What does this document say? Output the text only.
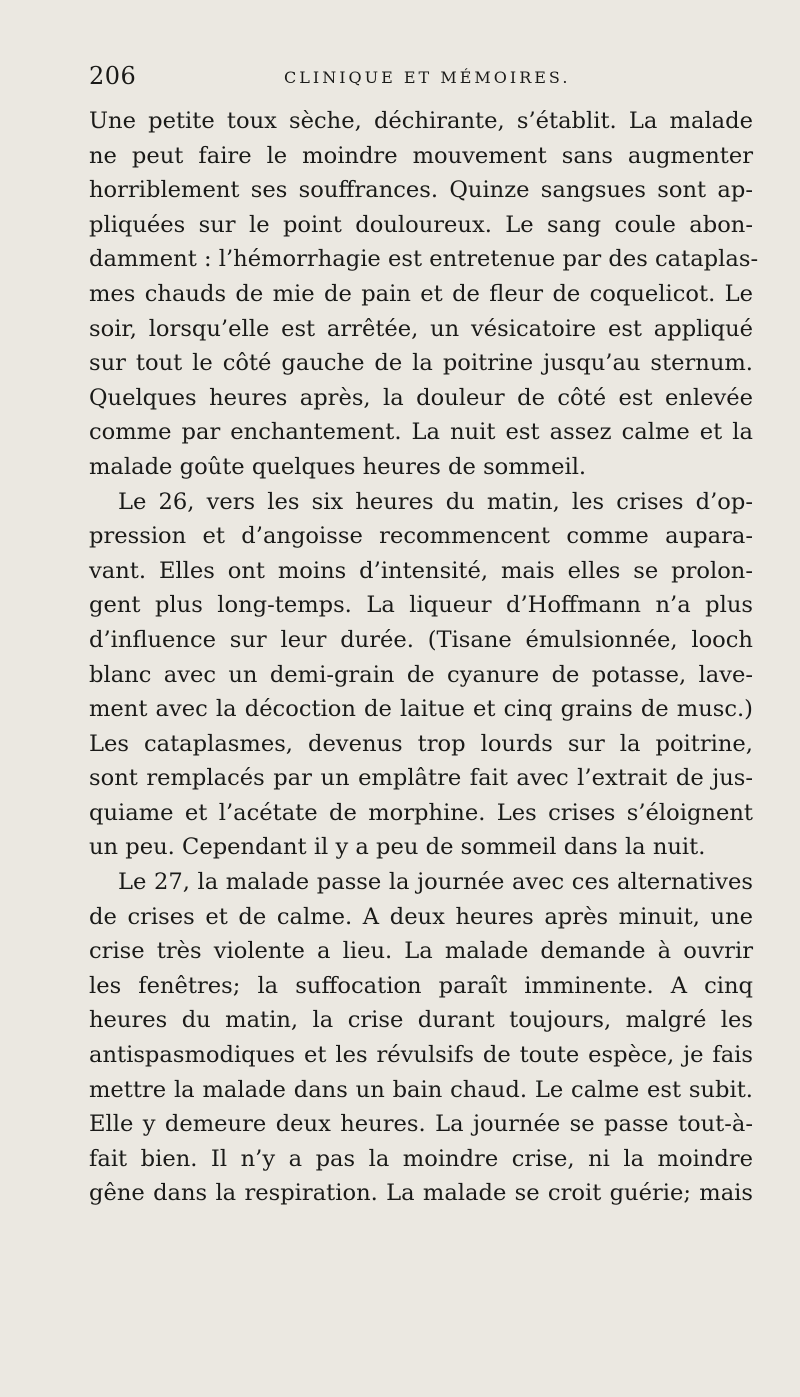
206	CLINIQUE ET MÉMOIRES.
Une petite toux sèche, déchirante, s’établit. La malade
ne peut faire le moindre mouvement sans augmenter
horriblement ses souffrances. Quinze sangsues sont ap-
pliquées sur le point douloureux. Le sang coule abon-
damment : l’hémorrhagie est entretenue par des cataplas-
mes chauds de mie de pain et de fleur de coquelicot. Le
soir, lorsqu’elle est arrêtée, un vésicatoire est appliqué
sur tout le côté gauche de la poitrine jusqu’au sternum.
Quelques heures après, la douleur de côté est enlevée
comme par enchantement. La nuit est assez calme et la
malade goûte quelques heures de sommeil.
Le 26, vers les six heures du matin, les crises d’op-
pression et d’angoisse recommencent comme aupara-
vant. Elles ont moins d’intensité, mais elles se prolon-
gent plus long-temps. La liqueur d’Hoffmann n’a plus
d’influence sur leur durée. (Tisane émulsionnée, looch
blanc avec un demi-grain de cyanure de potasse, lave-
ment avec la décoction de laitue et cinq grains de musc.)
Les cataplasmes, devenus trop lourds sur la poitrine,
sont remplacés par un emplâtre fait avec l’extrait de jus-
quiame et l’acétate de morphine. Les crises s’éloignent
un peu. Cependant il y a peu de sommeil dans la nuit.
Le 27, la malade passe la journée avec ces alternatives
de crises et de calme. A deux heures après minuit, une
crise très violente a lieu. La malade demande à ouvrir
les fenêtres; la suffocation paraît imminente. A cinq
heures du matin, la crise durant toujours, malgré les
antispasmodiques et les révulsifs de toute espèce, je fais
mettre la malade dans un bain chaud. Le calme est subit.
Elle y demeure deux heures. La journée se passe tout-à-
fait bien. Il n’y a pas la moindre crise, ni la moindre
gêne dans la respiration. La malade se croit guérie; mais
